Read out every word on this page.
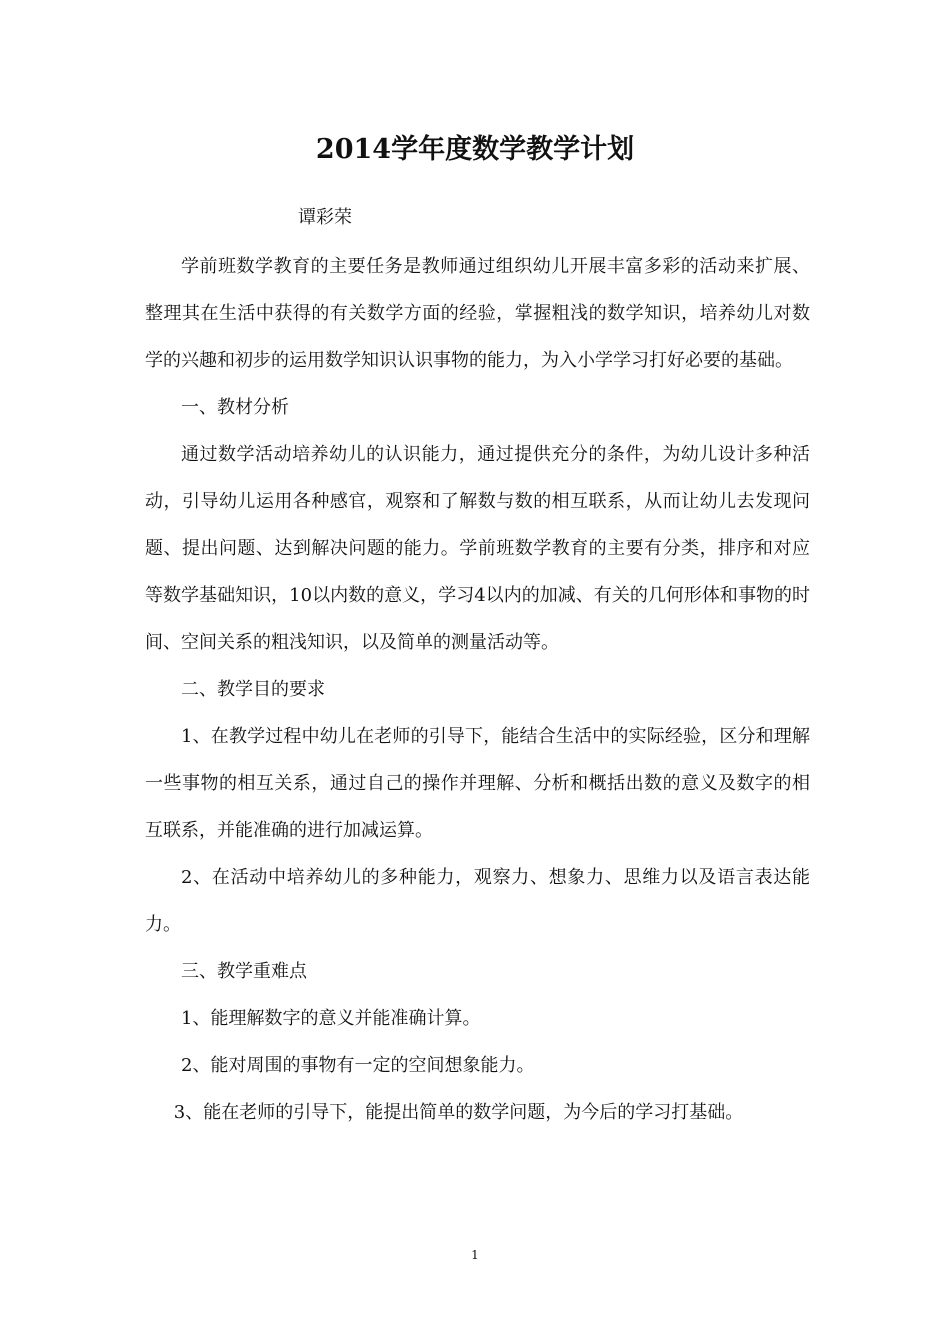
2014学年度数学教学计划
谭彩荣

学前班数学教育的主要任务是教师通过组织幼儿开展丰富多彩的活动来扩展、整理其在生活中获得的有关数学方面的经验，掌握粗浅的数学知识，培养幼儿对数学的兴趣和初步的运用数学知识认识事物的能力，为入小学学习打好必要的基础。

一、教材分析

通过数学活动培养幼儿的认识能力，通过提供充分的条件，为幼儿设计多种活动，引导幼儿运用各种感官，观察和了解数与数的相互联系，从而让幼儿去发现问题、提出问题、达到解决问题的能力。学前班数学教育的主要有分类，排序和对应等数学基础知识，10以内数的意义，学习4以内的加减、有关的几何形体和事物的时间、空间关系的粗浅知识，以及简单的测量活动等。

二、教学目的要求

1、在教学过程中幼儿在老师的引导下，能结合生活中的实际经验，区分和理解一些事物的相互关系，通过自己的操作并理解、分析和概括出数的意义及数字的相互联系，并能准确的进行加减运算。

2、在活动中培养幼儿的多种能力，观察力、想象力、思维力以及语言表达能力。

三、教学重难点

1、能理解数字的意义并能准确计算。

2、能对周围的事物有一定的空间想象能力。

3、能在老师的引导下，能提出简单的数学问题，为今后的学习打基础。

1
